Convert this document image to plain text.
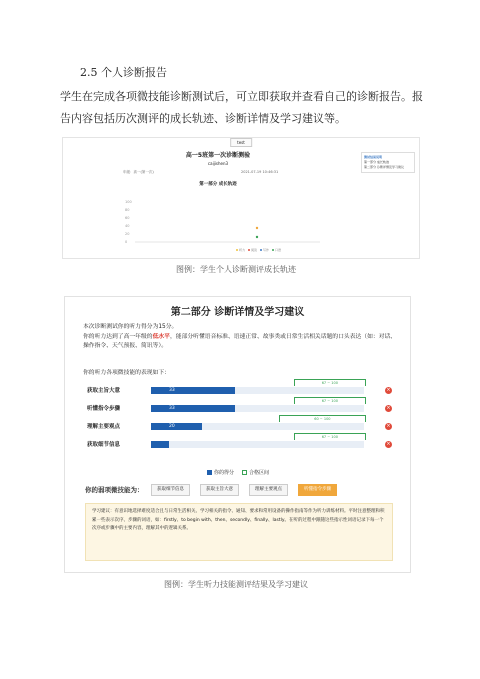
2.5 个人诊断报告
学生在完成各项微技能诊断测试后，可立即获取并查看自己的诊断报告。报告内容包括历次测评的成长轨迹、诊断详情及学习建议等。
test
高一5班第一次诊断测验
caijishen3
年级：高一(第一次)	2021-07-19 10:46:31
第一部分 成长轨迹
100
80
60
40
20
0
听力 阅读 写作 口语
测试结果说明
第一部分 成长轨迹
第二部分 诊断详情及学习建议
图例：学生个人诊断测评成长轨迹
第二部分 诊断详情及学习建议
本次诊断测试你的听力得分为15分。
你的听力达到了高一年级的低水平，能部分听懂语音标准、语速正常、故事类或日常生活相关话题的口头表达（如：对话、操作指令、天气预报、简讯等）。
你的听力各项微技能的表现如下：
获取主旨大意
67 ~ 100
33	×
听懂指令步骤
67 ~ 100
33	×
理解主要观点
60 ~ 100
20	×
获取细节信息
67 ~ 100
×
你的得分	合格区间
你的弱项微技能为：	获取细节信息	获取主旨大意	理解主要观点	听懂指令步骤
学习建议：有意识地选择难度适合且与日常生活相关、学习相关的指令、通知、要求和常用设备的操作指南等作为听力训练材料。平时注意整理和积累一些表示次序、步骤的词语，如：firstly、to begin with、then、secondly、finally、lastly。在听的过程中跟随这些指示性词语记录下每一个次序或步骤中的主要内容，理解其中的逻辑关系。
图例：学生听力技能测评结果及学习建议
